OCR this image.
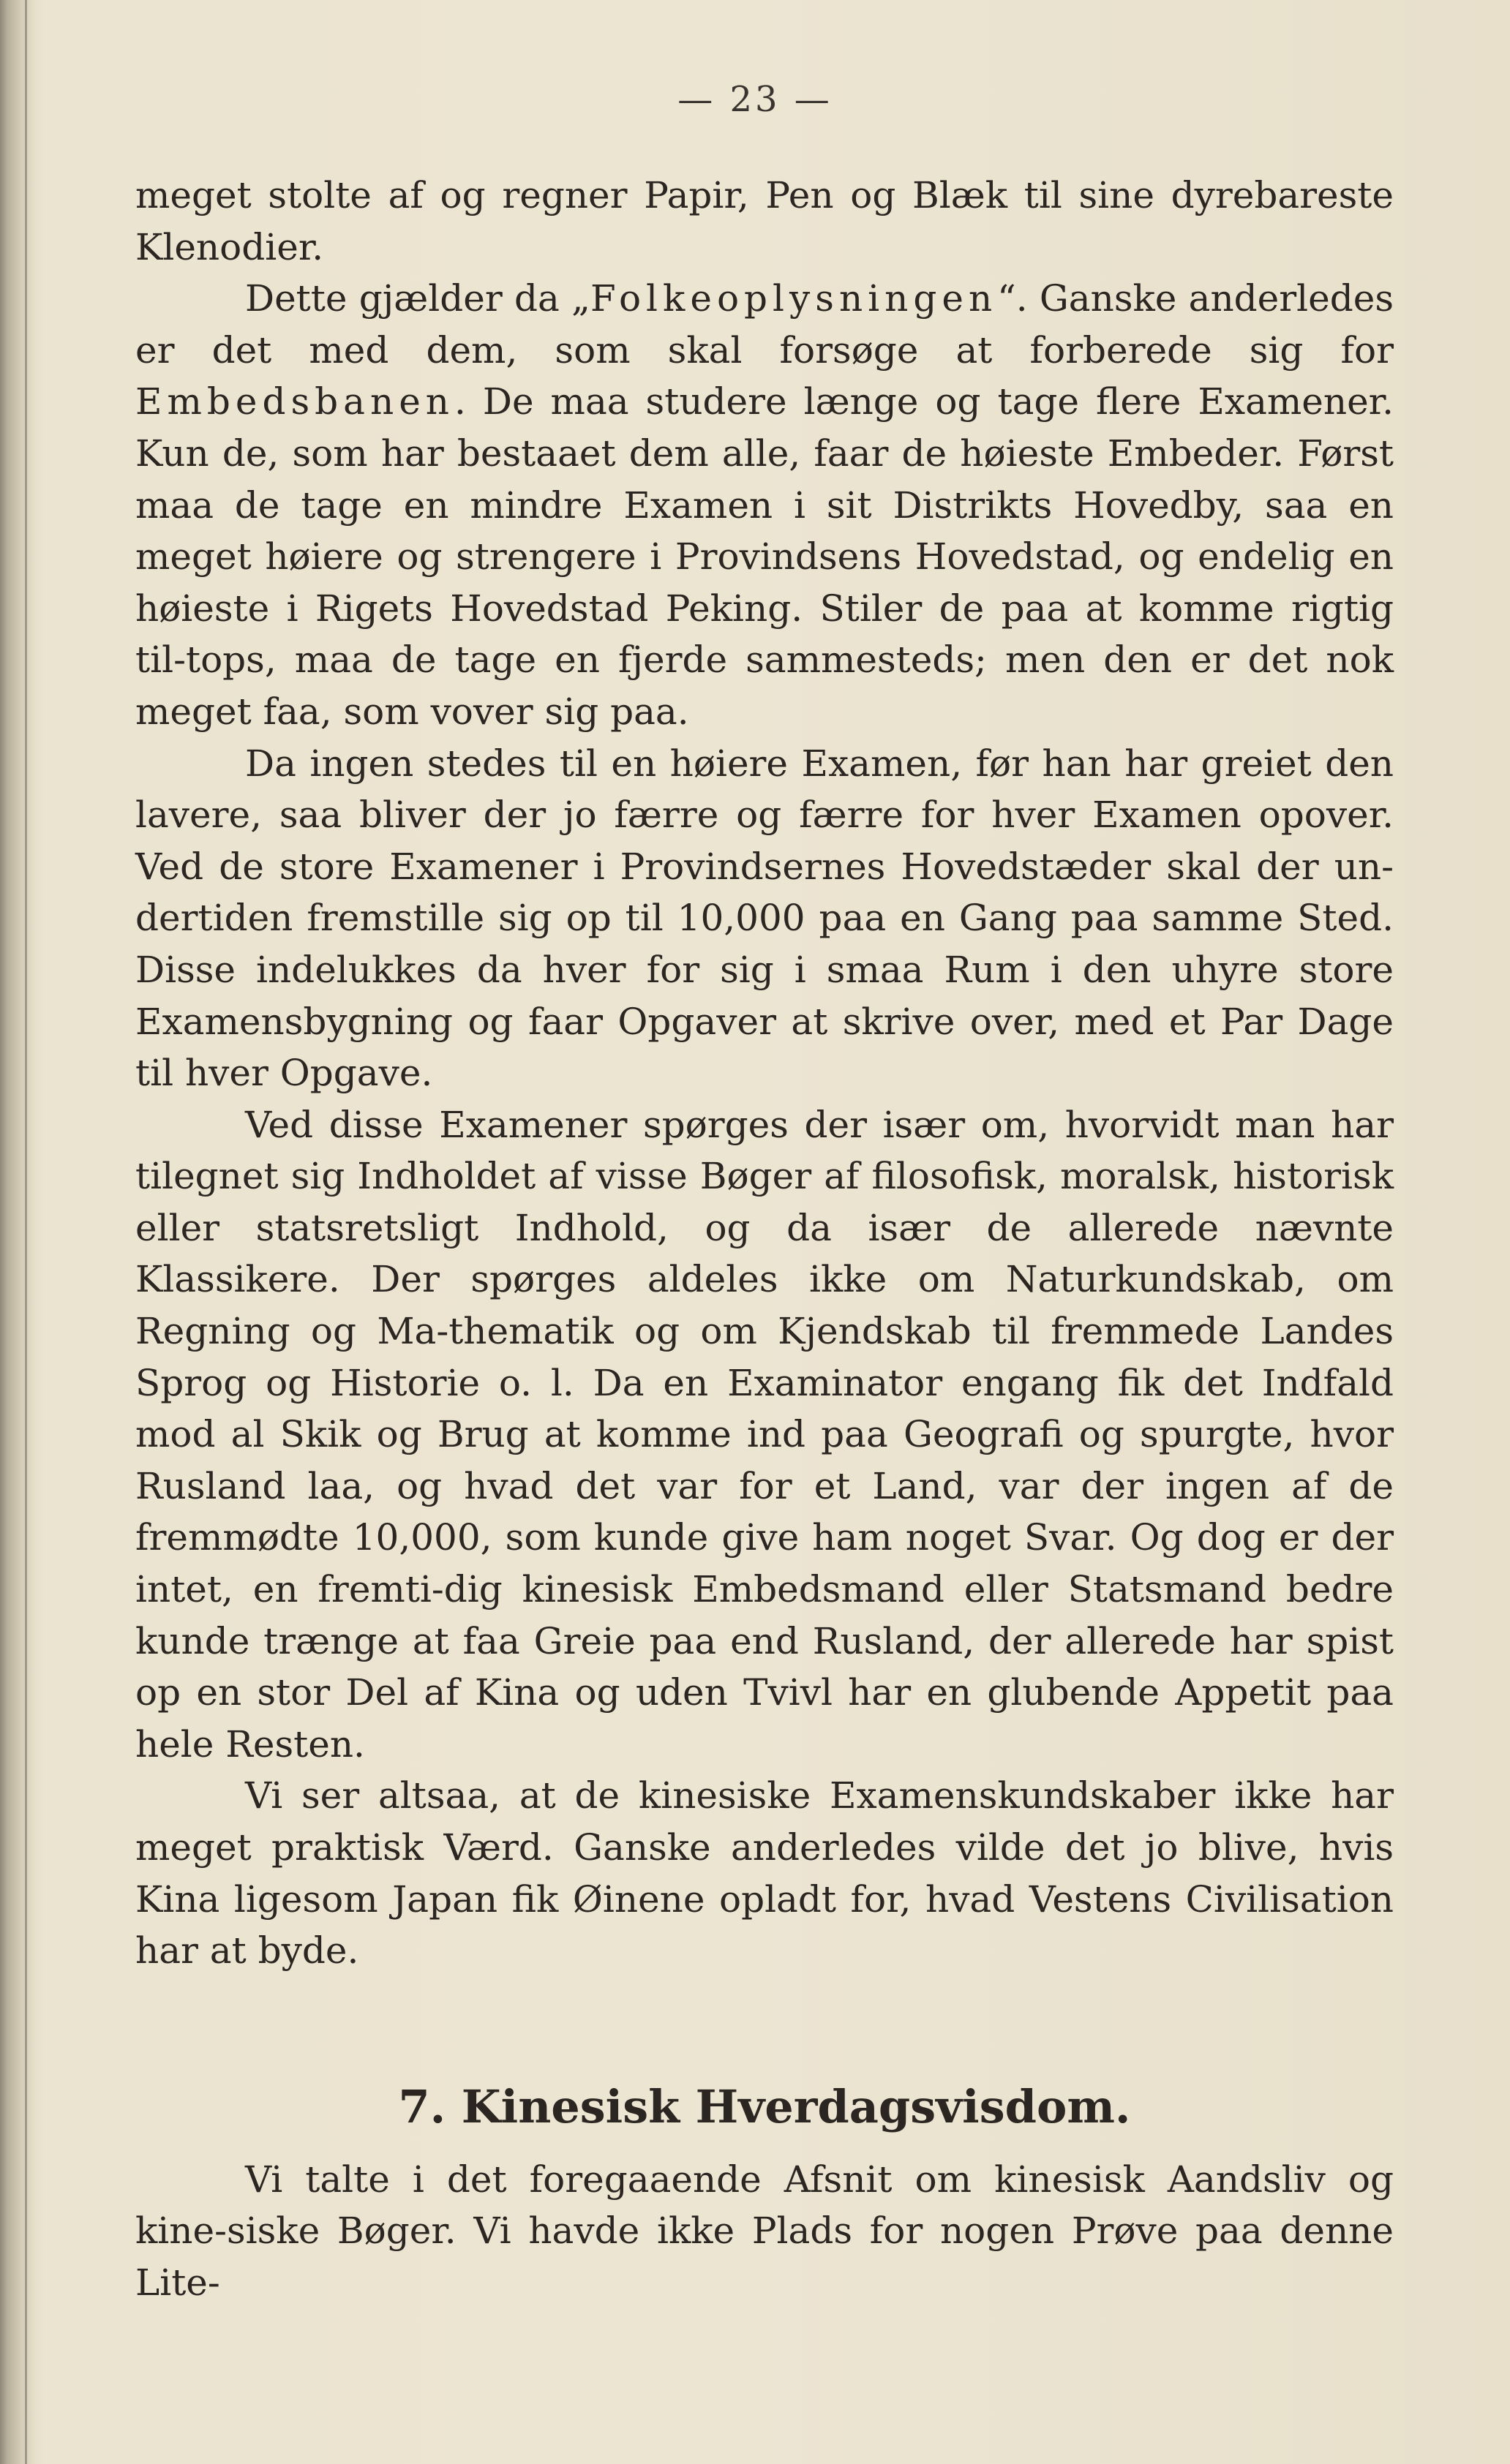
— 23 —

meget stolte af og regner Papir, Pen og Blæk til sine dyrebareste Klenodier.

Dette gjælder da „Folkeoplysningen“. Ganske anderledes er det med dem, som skal forsøge at forberede sig for Embedsbanen. De maa studere længe og tage flere Examener. Kun de, som har bestaaet dem alle, faar de høieste Embeder. Først maa de tage en mindre Examen i sit Distrikts Hovedby, saa en meget høiere og strengere i Provindsens Hovedstad, og endelig en høieste i Rigets Hovedstad Peking. Stiler de paa at komme rigtig til-tops, maa de tage en fjerde sammesteds; men den er det nok meget faa, som vover sig paa.

Da ingen stedes til en høiere Examen, før han har greiet den lavere, saa bliver der jo færre og færre for hver Examen opover. Ved de store Examener i Provindsernes Hovedstæder skal der un-dertiden fremstille sig op til 10,000 paa en Gang paa samme Sted. Disse indelukkes da hver for sig i smaa Rum i den uhyre store Examensbygning og faar Opgaver at skrive over, med et Par Dage til hver Opgave.

Ved disse Examener spørges der især om, hvorvidt man har tilegnet sig Indholdet af visse Bøger af filosofisk, moralsk, historisk eller statsretsligt Indhold, og da især de allerede nævnte Klassikere. Der spørges aldeles ikke om Naturkundskab, om Regning og Ma-thematik og om Kjendskab til fremmede Landes Sprog og Historie o. l. Da en Examinator engang fik det Indfald mod al Skik og Brug at komme ind paa Geografi og spurgte, hvor Rusland laa, og hvad det var for et Land, var der ingen af de fremmødte 10,000, som kunde give ham noget Svar. Og dog er der intet, en fremti-dig kinesisk Embedsmand eller Statsmand bedre kunde trænge at faa Greie paa end Rusland, der allerede har spist op en stor Del af Kina og uden Tvivl har en glubende Appetit paa hele Resten.

Vi ser altsaa, at de kinesiske Examenskundskaber ikke har meget praktisk Værd. Ganske anderledes vilde det jo blive, hvis Kina ligesom Japan fik Øinene opladt for, hvad Vestens Civilisation har at byde.

7. Kinesisk Hverdagsvisdom.

Vi talte i det foregaaende Afsnit om kinesisk Aandsliv og kine-siske Bøger. Vi havde ikke Plads for nogen Prøve paa denne Lite-
